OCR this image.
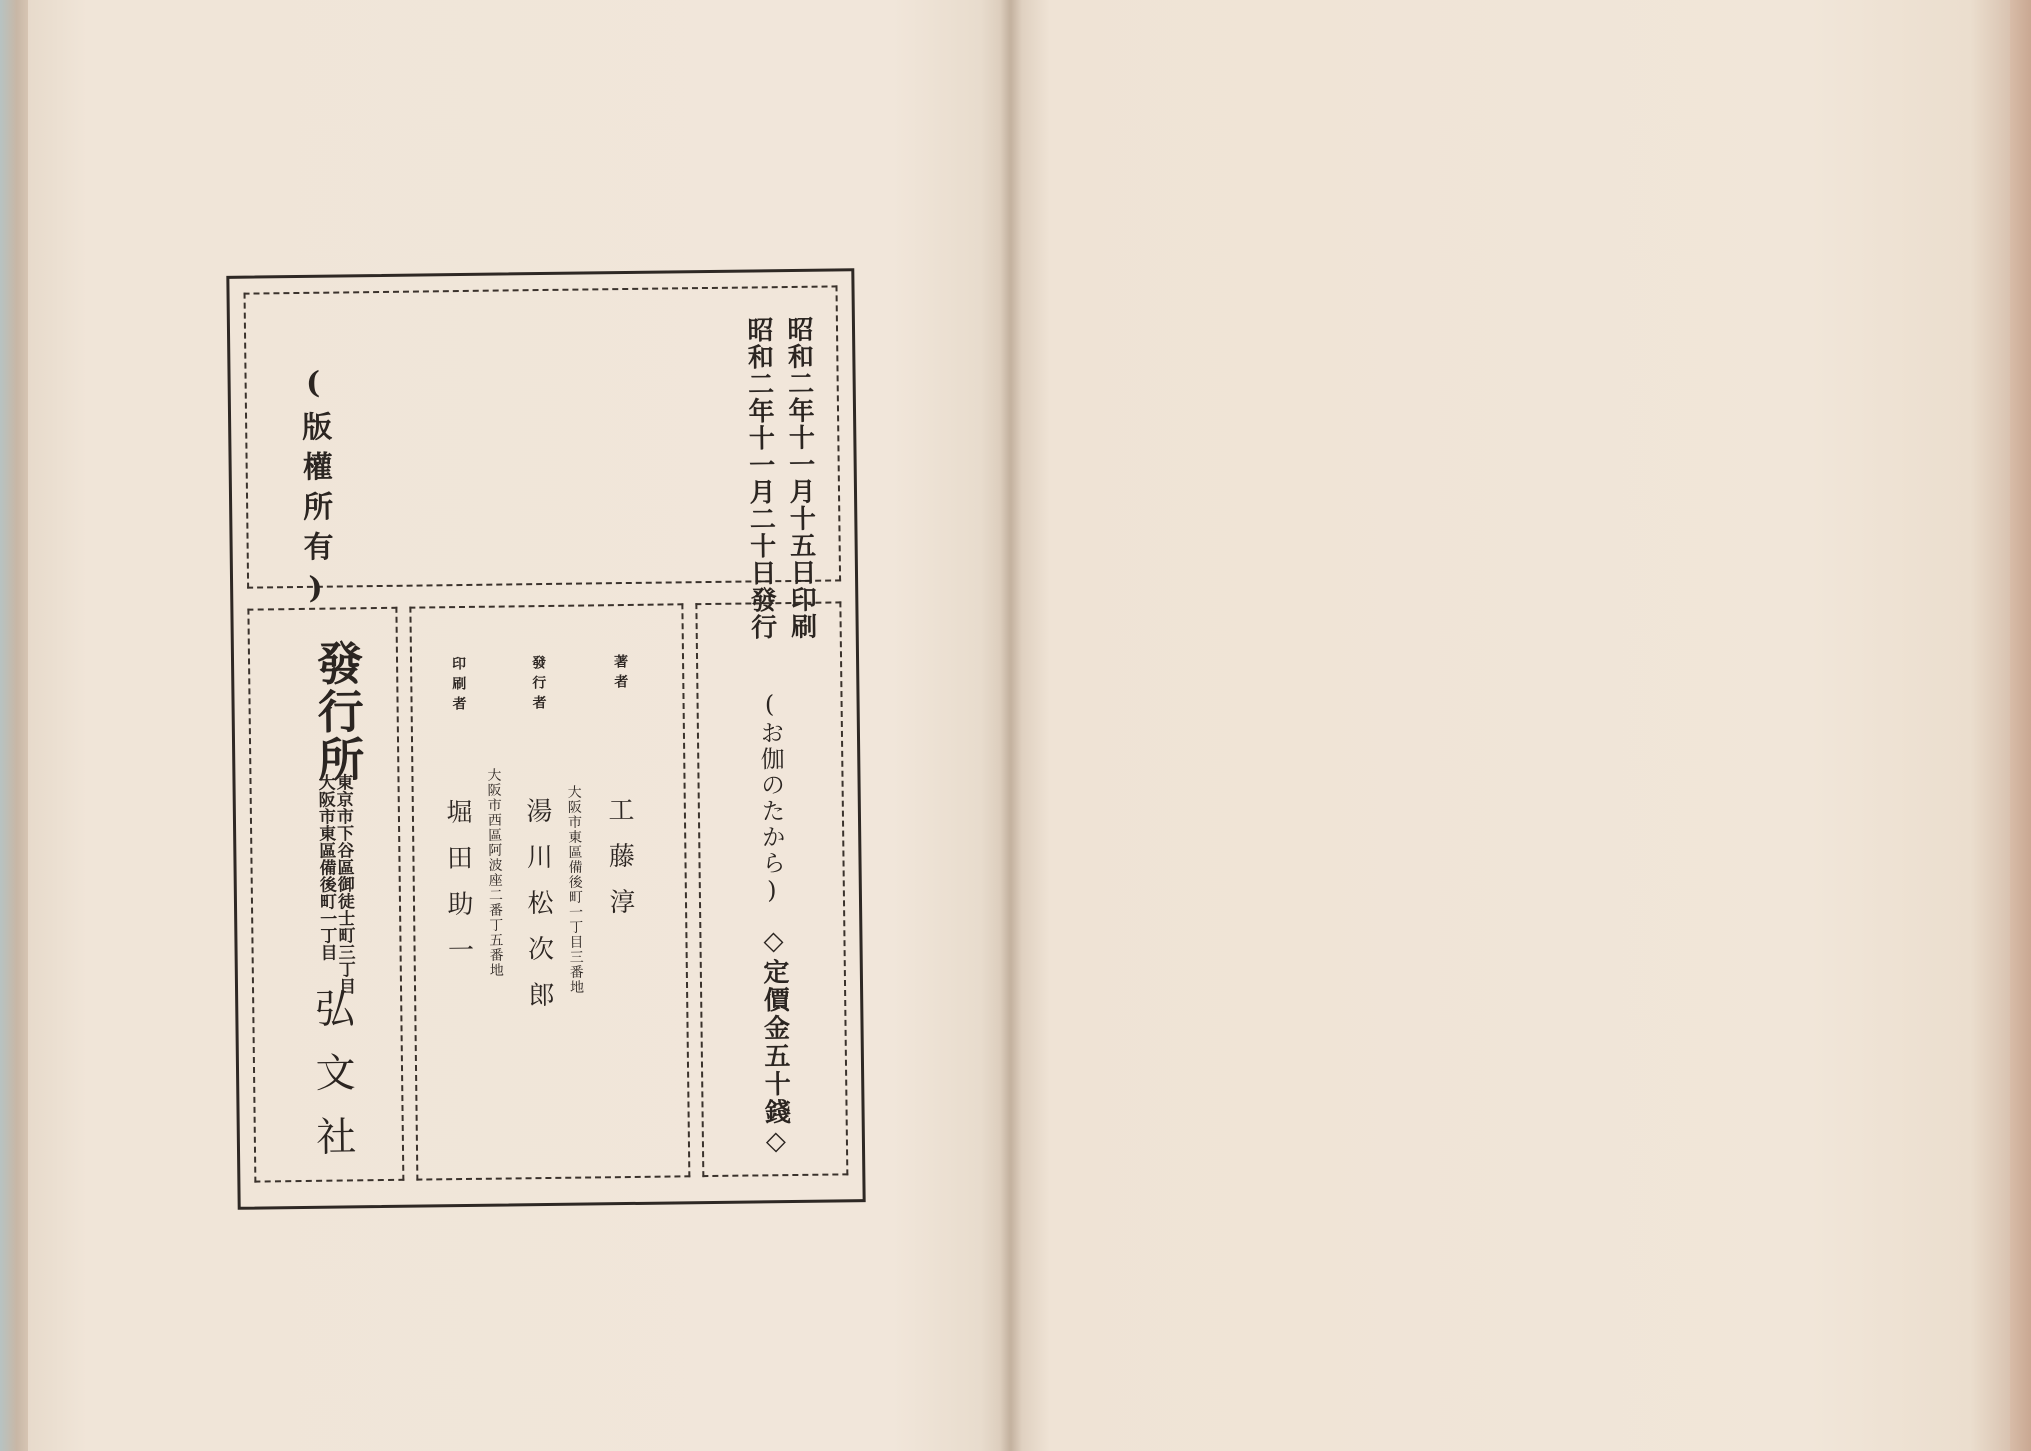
昭和二年十一月十五日印刷
昭和二年十一月二十日發行
(版權所有)
發行所
東京市下谷區御徒士町三丁目
大阪市東區備後町一丁目
弘文社
著者
工藤淳
發行者
大阪市東區備後町一丁目三番地
湯川松次郎
印刷者
大阪市西區阿波座二番丁五番地
堀田助一	(お伽のたから)
◇定價金五十錢◇
